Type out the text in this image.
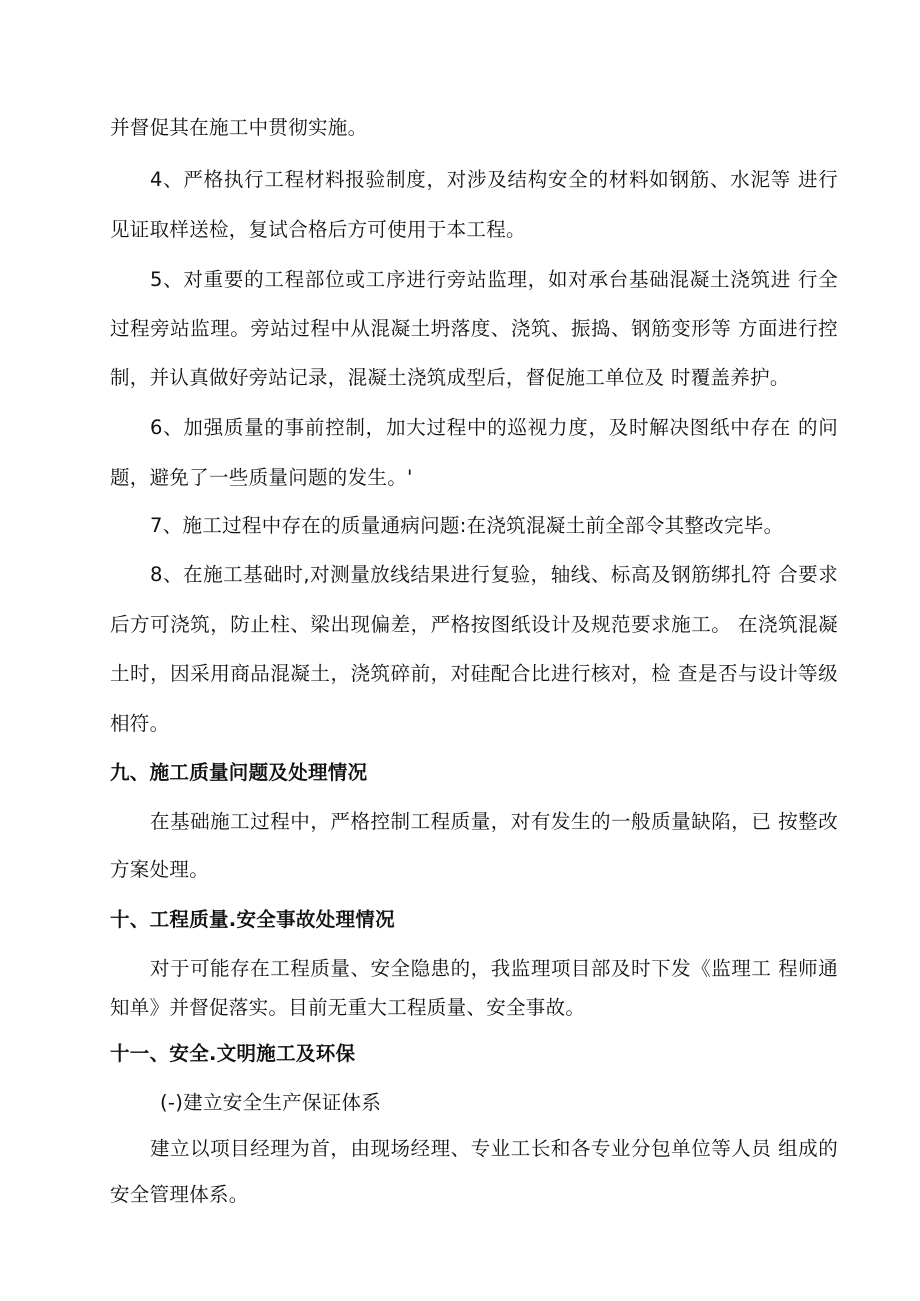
并督促其在施工中贯彻实施。
4、严格执行工程材料报验制度，对涉及结构安全的材料如钢筋、水泥等 进行
见证取样送检，复试合格后方可使用于本工程。
5、对重要的工程部位或工序进行旁站监理，如对承台基础混凝土浇筑进 行全
过程旁站监理。旁站过程中从混凝土坍落度、浇筑、振捣、钢筋变形等 方面进行控
制，并认真做好旁站记录，混凝土浇筑成型后，督促施工单位及 时覆盖养护。
6、加强质量的事前控制，加大过程中的巡视力度，及时解决图纸中存在 的问
题，避免了一些质量问题的发生。'
7、施工过程中存在的质量通病问题:在浇筑混凝土前全部令其整改完毕。
8、在施工基础时,对测量放线结果进行复验，轴线、标高及钢筋绑扎符 合要求
后方可浇筑，防止柱、梁出现偏差，严格按图纸设计及规范要求施工。 在浇筑混凝
土时，因采用商品混凝土，浇筑碎前，对硅配合比进行核对，检 查是否与设计等级
相符。
九、施工质量问题及处理情况
在基础施工过程中，严格控制工程质量，对有发生的一般质量缺陷，已 按整改
方案处理。
十、工程质量.安全事故处理情况
对于可能存在工程质量、安全隐患的，我监理项目部及时下发《监理工 程师通
知单》并督促落实。目前无重大工程质量、安全事故。
十一、安全.文明施工及环保
(-)建立安全生产保证体系
建立以项目经理为首，由现场经理、专业工长和各专业分包单位等人员 组成的
安全管理体系。
